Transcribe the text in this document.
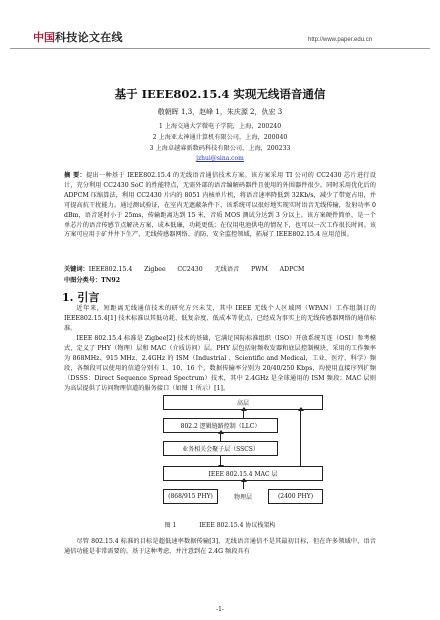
中国科技论文在线	http://www.paper.edu.cn
基于 IEEE802.15.4 实现无线语音通信
敬朝晖 1,3，赵峰 1，朱庆源 2，仇宏 3
1 上海交通大学微电子学院，上海，200240
2 上海亚太神通计算机有限公司，上海，200040
3 上海卓越睿新数码科技有限公司，上海，200233
jzhui@sina.com
摘 要：提出一种基于 IEEE802.15.4 的无线语音通信技术方案。该方案采用 TI 公司的 CC2430 芯片进行设计，充分利用 CC2430 SoC 的性能特点，无需外部的语音编解码器件且使用的外围器件很少。同时采用优化后的 ADPCM 压缩算法，利用 CC2430 片内的 8051 内核单片机，将语音速率降低到 32Kb/s，减少了带宽占用，并可提高抗干扰能力。通过测试验证，在室内无遮蔽条件下，该系统可以很好地实现实时语音无线传输，发射功率 0 dBm，语音延时小于 25ms，传输距离达到 15 米，音质 MOS 测试分达到 3 分以上。该方案硬件简单，是一个单芯片的语音传感节点解决方案，成本低廉，功耗更低；在仅用电池供电的情况下，也可以一次工作很长时间。该方案可应用于矿井井下生产、无线传感器网络、消防、安全监控领域，拓展了 IEEE802.15.4 应用范围。
关键词：IEEE802.15.4      Zigbee      CC2430      无线语音      PWM      ADPCM
中图分类号：TN92
1. 引言
近年来，短距离无线通信技术的研究方兴未艾，其中 IEEE 无线个人区域网（WPAN）工作组制订的 IEEE802.15.4[1] 技术标准以其低功耗、低复杂度、低成本等优点，已经成为事实上的无线传感器网络的通信标准。
IEEE 802.15.4 标准是 Zigbee[2] 技术的基础，它满足国际标准组织（ISO）开放系统互连（OSI）参考模式，定义了 PHY（物理）层和 MAC（介质访问）层。PHY 层包括射频收发器和底层控制模块，采用的工作频率为 868MHz、915 MHz、2.4GHz 的 ISM（Industrial 、Scientific and Medical，工业、医疗、科学）频段，各频段可以使用的信道分别有 1、10、16 个，数据传输率分别为 20/40/250 Kbps，均使用直接序列扩频（DSSS：Direct Sequence Spread Spectrum）技术，其中 2.4GHz 是全球通用的 ISM 频段；MAC 层则为高层提供了访问物理信道的服务接口（如图 1 所示）[1]。
高层
802.2 逻辑链路控制（LLC）
业务相关会聚子层（SSCS）
IEEE 802.15.4 MAC 层
(868/915 PHY)	物理层	(2400 PHY)
图 1            IEEE 802.15.4 协议栈架构
尽管 802.15.4 标准的目标是超低速率数据传输[3]，无线语音通信不是其最初目标，但在许多领域中，语音通信功能是非常需要的。基于这种考虑，并注意到在 2.4G 频段具有
-1-
